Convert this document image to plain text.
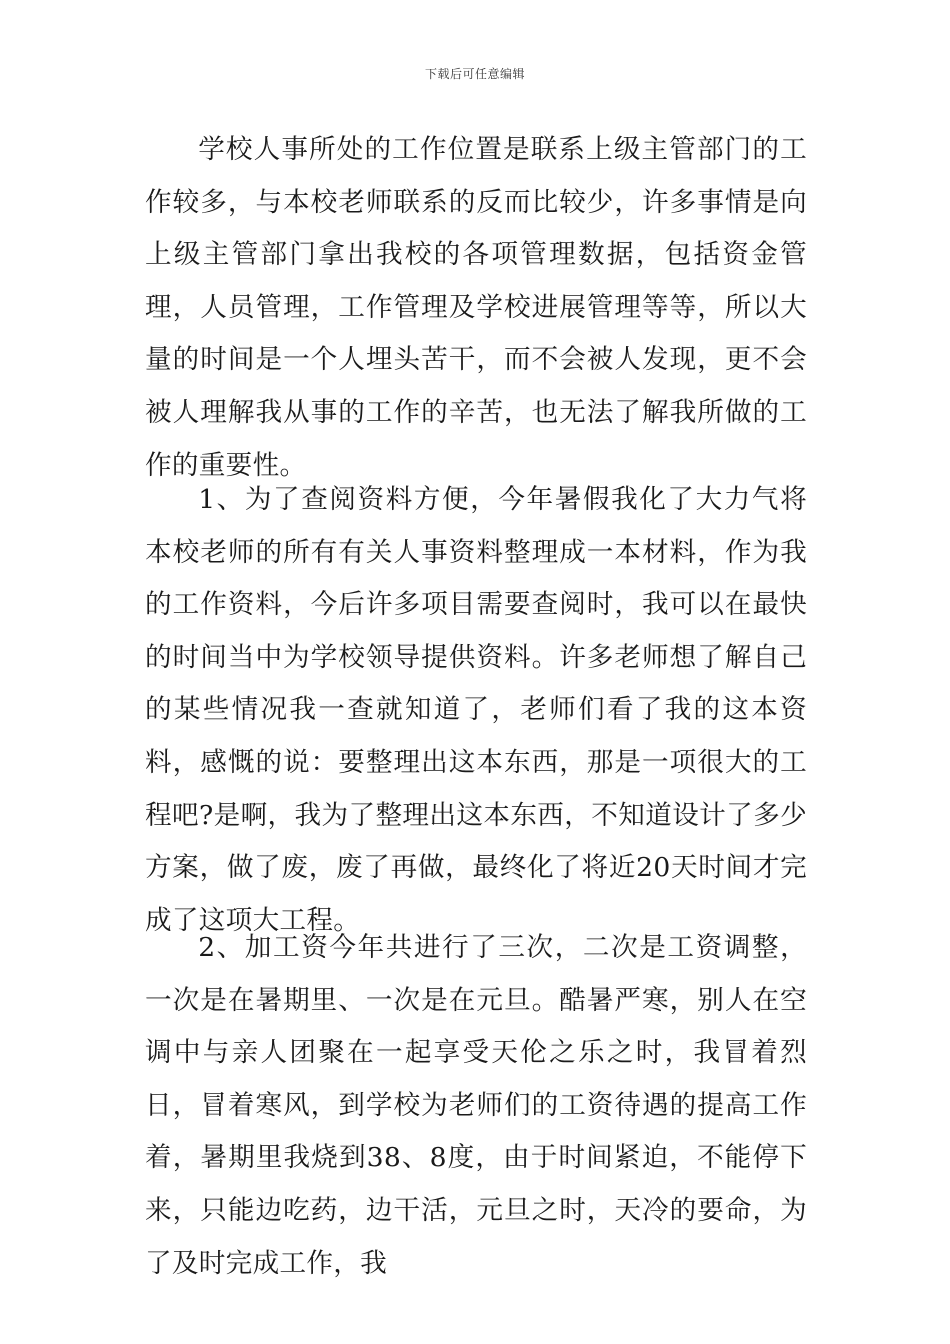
下载后可任意编辑

学校人事所处的工作位置是联系上级主管部门的工作较多，与本校老师联系的反而比较少，许多事情是向上级主管部门拿出我校的各项管理数据，包括资金管理，人员管理，工作管理及学校进展管理等等，所以大量的时间是一个人埋头苦干，而不会被人发现，更不会被人理解我从事的工作的辛苦，也无法了解我所做的工作的重要性。

1、为了查阅资料方便，今年暑假我化了大力气将本校老师的所有有关人事资料整理成一本材料，作为我的工作资料，今后许多项目需要查阅时，我可以在最快的时间当中为学校领导提供资料。许多老师想了解自己的某些情况我一查就知道了，老师们看了我的这本资料，感慨的说：要整理出这本东西，那是一项很大的工程吧?是啊，我为了整理出这本东西，不知道设计了多少方案，做了废，废了再做，最终化了将近20天时间才完成了这项大工程。

2、加工资今年共进行了三次，二次是工资调整，一次是在暑期里、一次是在元旦。酷暑严寒，别人在空调中与亲人团聚在一起享受天伦之乐之时，我冒着烈日，冒着寒风，到学校为老师们的工资待遇的提高工作着，暑期里我烧到38、8度，由于时间紧迫，不能停下来，只能边吃药，边干活，元旦之时，天冷的要命，为了及时完成工作，我
